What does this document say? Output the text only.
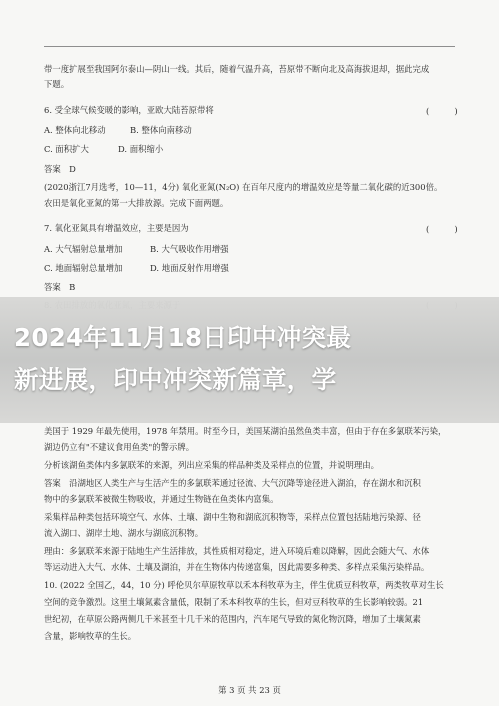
带一度扩展至我国阿尔泰山—阴山一线。其后，随着气温升高，苔原带不断向北及高海拔退却，据此完成
下题。
6. 受全球气候变暖的影响，亚欧大陆苔原带将	(　　　)
A. 整体向北移动	B. 整体向南移动
C. 面积扩大	D. 面积缩小
答案　D
(2020浙江7月选考，10—11，4分) 氧化亚氮(N₂O) 在百年尺度内的增温效应是等量二氧化碳的近300倍。
农田是氧化亚氮的第一大排放源。完成下面两题。
7. 氧化亚氮具有增温效应，主要是因为	(　　　)
A. 大气辐射总量增加	B. 大气吸收作用增强
C. 地面辐射总量增加	D. 地面反射作用增强
答案　B
2024年11月18日印中冲突最
新进展，印中冲突新篇章，学
美国于 1929 年最先使用，1978 年禁用。时至今日，美国某湖泊虽然鱼类丰富，但由于存在多氯联苯污染，
湖边仍立有"不建议食用鱼类"的警示牌。
分析该湖鱼类体内多氯联苯的来源，列出应采集的样品种类及采样点的位置，并说明理由。
答案　沿湖地区人类生产与生活产生的多氯联苯通过径流、大气沉降等途径进入湖泊，存在湖水和沉积
物中的多氯联苯被微生物吸收，并通过生物链在鱼类体内富集。
采集样品种类包括环境空气、水体、土壤、湖中生物和湖底沉积物等，采样点位置包括陆地污染源、径
流入湖口、湖岸土地、湖水与湖底沉积物。
理由：多氯联苯来源于陆地生产生活排放，其性质相对稳定，进入环境后难以降解，因此会随大气、水体
等运动进入大气、水体、土壤及湖泊，并在生物体内传递富集，因此需要多种类、多样点采集污染样品。
10. (2022 全国乙，44，10 分) 呼伦贝尔草原牧草以禾本科牧草为主，伴生优质豆科牧草，两类牧草对生长
空间的竞争激烈。这里土壤氮素含量低，限制了禾本科牧草的生长，但对豆科牧草的生长影响较弱。21
世纪初，在草原公路两侧几千米甚至十几千米的范围内，汽车尾气导致的氮化物沉降，增加了土壤氮素
含量，影响牧草的生长。
第 3 页 共 23 页
